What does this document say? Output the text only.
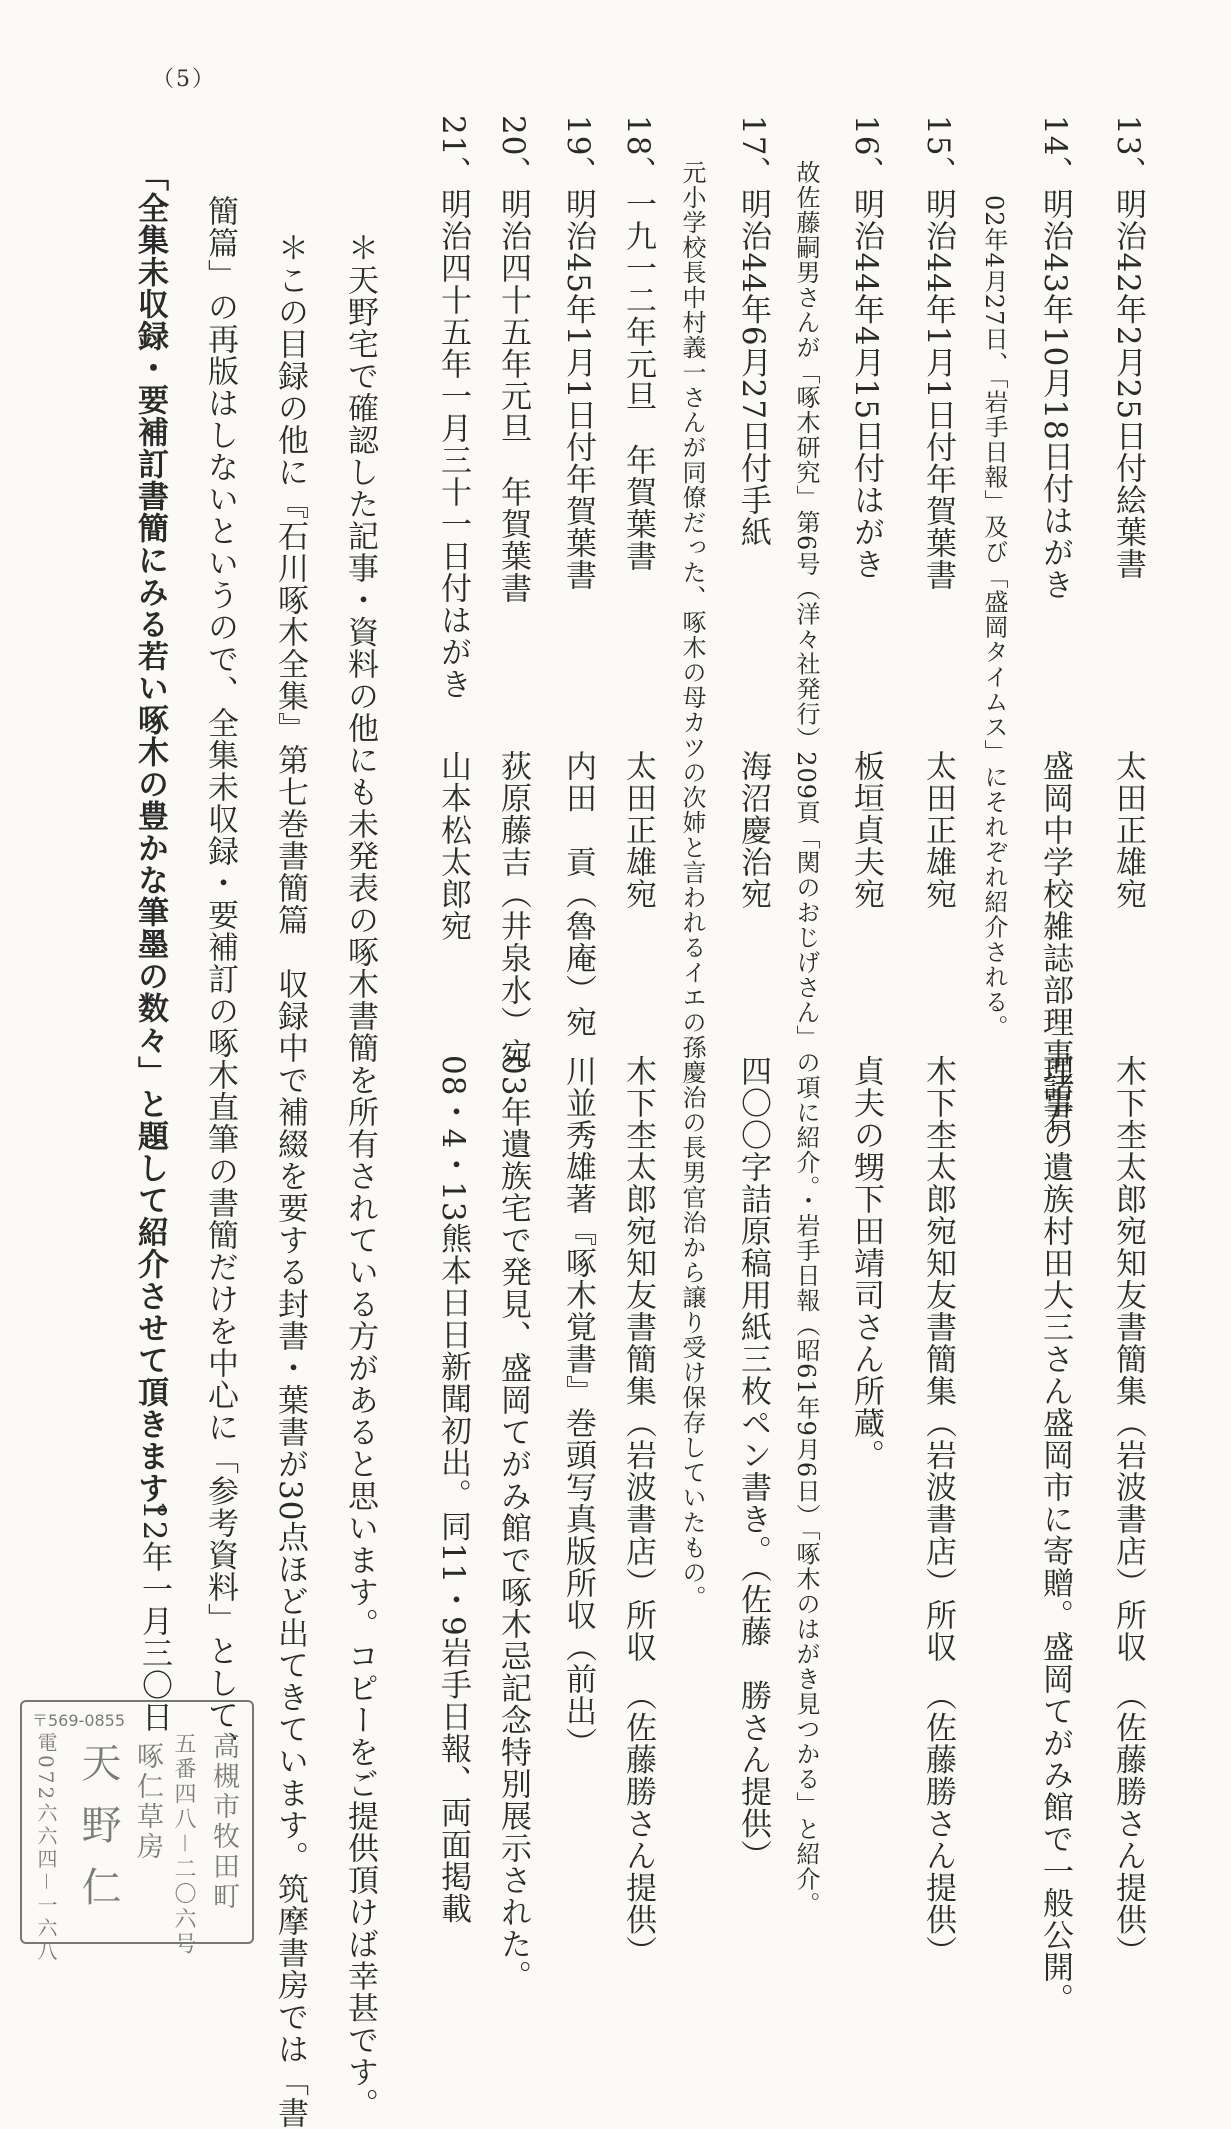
（5）
13、明治42年2月25日付絵葉書
太田正雄宛
木下杢太郎宛知友書簡集（岩波書店）所収　（佐藤勝さん提供）
14、明治43年10月18日付はがき
盛岡中学校雑誌部理事諸君
理事の遺族村田大三さん盛岡市に寄贈。盛岡てがみ館で一般公開。
02年4月27日、「岩手日報」及び「盛岡タイムス」にそれぞれ紹介される。
15、明治44年1月1日付年賀葉書
太田正雄宛
木下杢太郎宛知友書簡集（岩波書店）所収　（佐藤勝さん提供）
16、明治44年4月15日付はがき
板垣貞夫宛
貞夫の甥下田靖司さん所蔵。
故佐藤嗣男さんが「啄木研究」第6号（洋々社発行）209頁「関のおじげさん」の項に紹介。・岩手日報（昭61年9月6日）「啄木のはがき見つかる」と紹介。
17、明治44年6月27日付手紙
海沼慶治宛
四〇〇字詰原稿用紙三枚ペン書き。（佐藤　勝さん提供）
元小学校長中村義一さんが同僚だった、啄木の母カツの次姉と言われるイエの孫慶治の長男官治から譲り受け保存していたもの。
18、一九一二年元旦　年賀葉書
太田正雄宛
木下杢太郎宛知友書簡集（岩波書店）所収　（佐藤勝さん提供）
19、明治45年1月1日付年賀葉書
内田　貢（魯庵）宛
川並秀雄著『啄木覚書』巻頭写真版所収（前出）
20、明治四十五年元旦　年賀葉書
荻原藤吉（井泉水）宛
03年遺族宅で発見、盛岡てがみ館で啄木忌記念特別展示された。
21、明治四十五年一月三十一日付はがき
山本松太郎宛
08・4・13熊本日日新聞初出。同11・9岩手日報、両面掲載
＊天野宅で確認した記事・資料の他にも未発表の啄木書簡を所有されている方があると思います。コピーをご提供頂けば幸甚です。
＊この目録の他に『石川啄木全集』第七巻書簡篇　収録中で補綴を要する封書・葉書が30点ほど出てきています。筑摩書房では「書
簡篇」の再版はしないというので、全集未収録・要補訂の啄木直筆の書簡だけを中心に「参考資料」として、
「全集未収録・要補訂書簡にみる若い啄木の豊かな筆墨の数々」と題して紹介させて頂きます。
12年一月三〇日
〒569-0855
高槻市牧田町
五番四八－二〇六号
啄仁草房
天野仁
電072六六四－一六八
